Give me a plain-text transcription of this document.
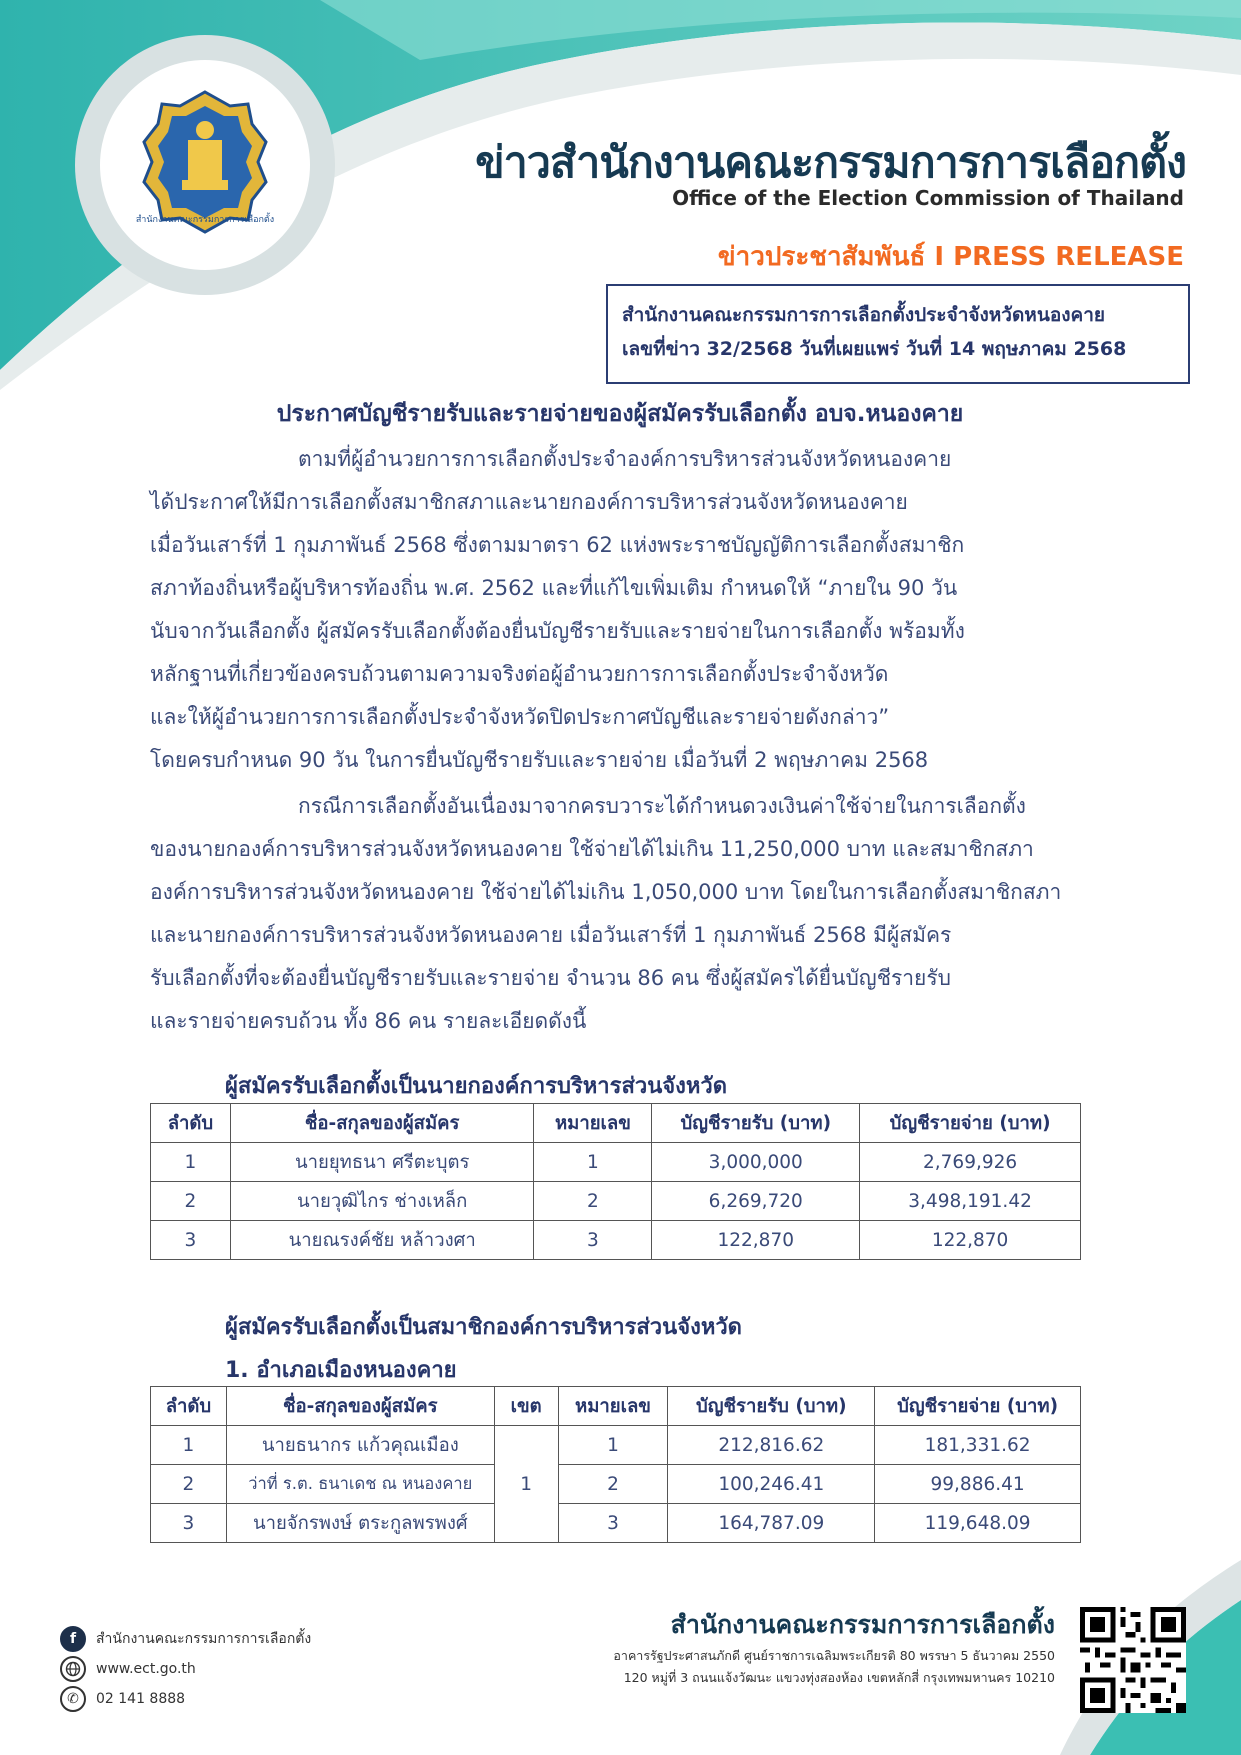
สำนักงานคณะกรรมการการเลือกตั้ง
ข่าวสำนักงานคณะกรรมการการเลือกตั้ง
Office of the Election Commission of Thailand
ข่าวประชาสัมพันธ์ I PRESS RELEASE
สำนักงานคณะกรรมการการเลือกตั้งประจำจังหวัดหนองคาย
เลขที่ข่าว 32/2568 วันที่เผยแพร่ วันที่ 14 พฤษภาคม 2568
ประกาศบัญชีรายรับและรายจ่ายของผู้สมัครรับเลือกตั้ง อบจ.หนองคาย
ตามที่ผู้อำนวยการการเลือกตั้งประจำองค์การบริหารส่วนจังหวัดหนองคาย
ได้ประกาศให้มีการเลือกตั้งสมาชิกสภาและนายกองค์การบริหารส่วนจังหวัดหนองคาย
เมื่อวันเสาร์ที่ 1 กุมภาพันธ์ 2568 ซึ่งตามมาตรา 62 แห่งพระราชบัญญัติการเลือกตั้งสมาชิก
สภาท้องถิ่นหรือผู้บริหารท้องถิ่น พ.ศ. 2562 และที่แก้ไขเพิ่มเติม กำหนดให้ “ภายใน 90 วัน
นับจากวันเลือกตั้ง ผู้สมัครรับเลือกตั้งต้องยื่นบัญชีรายรับและรายจ่ายในการเลือกตั้ง พร้อมทั้ง
หลักฐานที่เกี่ยวข้องครบถ้วนตามความจริงต่อผู้อำนวยการการเลือกตั้งประจำจังหวัด
และให้ผู้อำนวยการการเลือกตั้งประจำจังหวัดปิดประกาศบัญชีและรายจ่ายดังกล่าว”
โดยครบกำหนด 90 วัน ในการยื่นบัญชีรายรับและรายจ่าย เมื่อวันที่ 2 พฤษภาคม 2568
กรณีการเลือกตั้งอันเนื่องมาจากครบวาระได้กำหนดวงเงินค่าใช้จ่ายในการเลือกตั้ง
ของนายกองค์การบริหารส่วนจังหวัดหนองคาย ใช้จ่ายได้ไม่เกิน 11,250,000 บาท และสมาชิกสภา
องค์การบริหารส่วนจังหวัดหนองคาย ใช้จ่ายได้ไม่เกิน 1,050,000 บาท โดยในการเลือกตั้งสมาชิกสภา
และนายกองค์การบริหารส่วนจังหวัดหนองคาย เมื่อวันเสาร์ที่ 1 กุมภาพันธ์ 2568 มีผู้สมัคร
รับเลือกตั้งที่จะต้องยื่นบัญชีรายรับและรายจ่าย จำนวน 86 คน ซึ่งผู้สมัครได้ยื่นบัญชีรายรับ
และรายจ่ายครบถ้วน ทั้ง 86 คน รายละเอียดดังนี้
ผู้สมัครรับเลือกตั้งเป็นนายกองค์การบริหารส่วนจังหวัด
ลำดับ	ชื่อ-สกุลของผู้สมัคร	หมายเลข	บัญชีรายรับ (บาท)	บัญชีรายจ่าย (บาท)
1	นายยุทธนา ศรีตะบุตร	1	3,000,000	2,769,926
2	นายวุฒิไกร ช่างเหล็ก	2	6,269,720	3,498,191.42
3	นายณรงค์ชัย หล้าวงศา	3	122,870	122,870
ผู้สมัครรับเลือกตั้งเป็นสมาชิกองค์การบริหารส่วนจังหวัด
1. อำเภอเมืองหนองคาย
ลำดับ	ชื่อ-สกุลของผู้สมัคร	เขต	หมายเลข	บัญชีรายรับ (บาท)	บัญชีรายจ่าย (บาท)
1	นายธนากร แก้วคุณเมือง	1	1	212,816.62	181,331.62
2	ว่าที่ ร.ต. ธนาเดช ณ หนองคาย		2	100,246.41	99,886.41
3	นายจักรพงษ์ ตระกูลพรพงศ์		3	164,787.09	119,648.09
f	สำนักงานคณะกรรมการการเลือกตั้ง
www.ect.go.th
✆	02 141 8888
สำนักงานคณะกรรมการการเลือกตั้ง
อาคารรัฐประศาสนภักดี ศูนย์ราชการเฉลิมพระเกียรติ 80 พรรษา 5 ธันวาคม 2550
120 หมู่ที่ 3 ถนนแจ้งวัฒนะ แขวงทุ่งสองห้อง เขตหลักสี่ กรุงเทพมหานคร 10210
